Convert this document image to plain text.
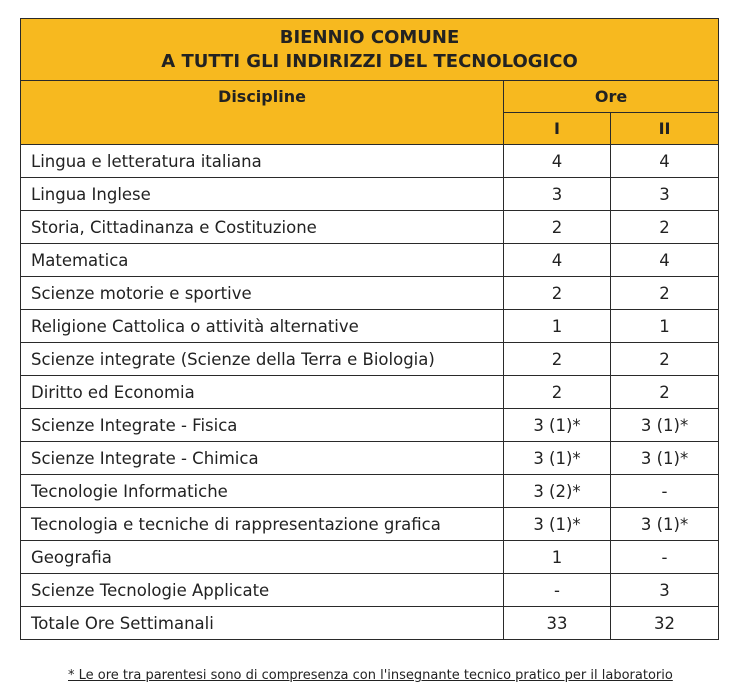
BIENNIO COMUNE
A TUTTI GLI INDIRIZZI DEL TECNOLOGICO		

Discipline	Ore	
	I	II
Lingua e letteratura italiana	4	4
Lingua Inglese	3	3
Storia, Cittadinanza e Costituzione	2	2
Matematica	4	4
Scienze motorie e sportive	2	2
Religione Cattolica o attività alternative	1	1
Scienze integrate (Scienze della Terra e Biologia)	2	2
Diritto ed Economia	2	2
Scienze Integrate - Fisica	3 (1)*	3 (1)*
Scienze Integrate - Chimica	3 (1)*	3 (1)*
Tecnologie Informatiche	3 (2)*	-
Tecnologia e tecniche di rappresentazione grafica	3 (1)*	3 (1)*
Geografia	1	-
Scienze Tecnologie Applicate	-	3
Totale Ore Settimanali	33	32
* Le ore tra parentesi sono di compresenza con l'insegnante tecnico pratico per il laboratorio
